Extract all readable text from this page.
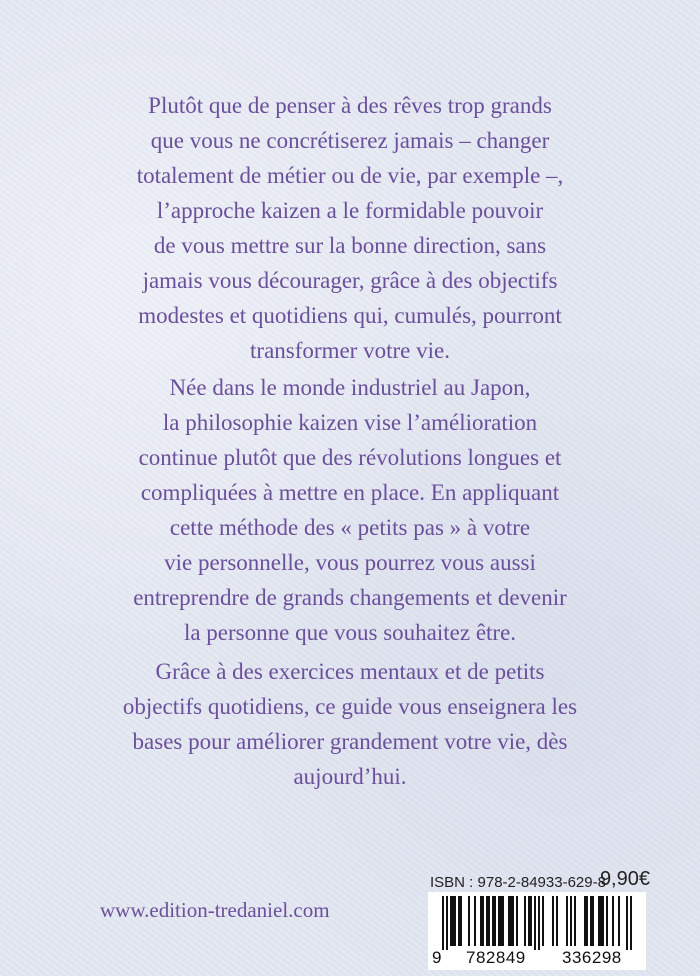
Plutôt que de penser à des rêves trop grands
que vous ne concrétiserez jamais – changer
totalement de métier ou de vie, par exemple –,
l’approche kaizen a le formidable pouvoir
de vous mettre sur la bonne direction, sans
jamais vous décourager, grâce à des objectifs
modestes et quotidiens qui, cumulés, pourront
transformer votre vie.
Née dans le monde industriel au Japon,
la philosophie kaizen vise l’amélioration
continue plutôt que des révolutions longues et
compliquées à mettre en place. En appliquant
cette méthode des « petits pas » à votre
vie personnelle, vous pourrez vous aussi
entreprendre de grands changements et devenir
la personne que vous souhaitez être.
Grâce à des exercices mentaux et de petits
objectifs quotidiens, ce guide vous enseignera les
bases pour améliorer grandement votre vie, dès
aujourd’hui.
www.edition-tredaniel.com
ISBN : 978-2-84933-629-8
9,90€
9 782849 336298
